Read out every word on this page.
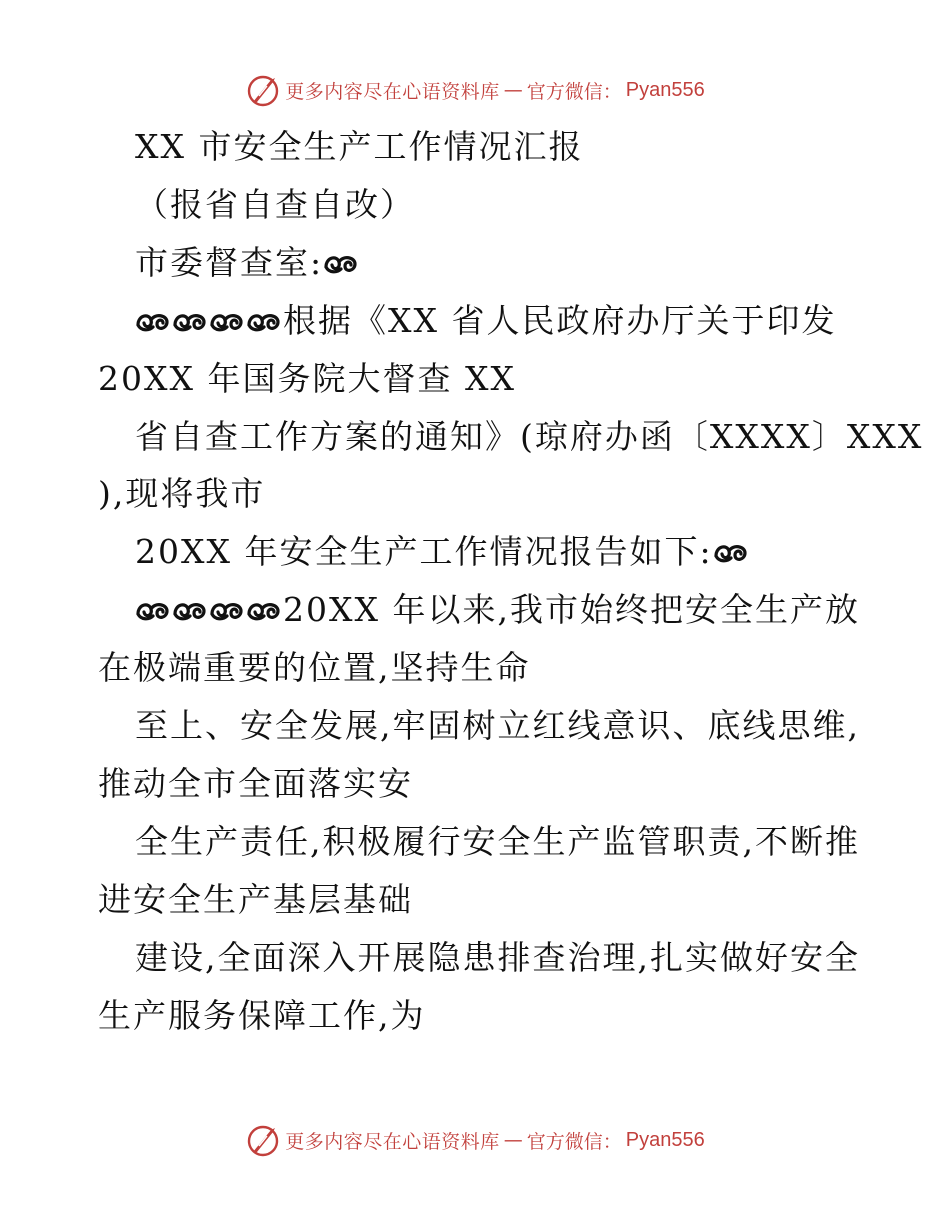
更多内容尽在心语资料库 — 官方微信： Pyan556
XX 市安全生产工作情况汇报
（报省自查自改）
市委督查室:
根据《XX 省人民政府办厅关于印发
20XX 年国务院大督查 XX
省自查工作方案的通知》(琼府办函〔XXXX〕XXX
),现将我市
20XX 年安全生产工作情况报告如下:
20XX 年以来,我市始终把安全生产放
在极端重要的位置,坚持生命
至上、安全发展,牢固树立红线意识、底线思维,
推动全市全面落实安
全生产责任,积极履行安全生产监管职责,不断推
进安全生产基层基础
建设,全面深入开展隐患排查治理,扎实做好安全
生产服务保障工作,为
更多内容尽在心语资料库 — 官方微信： Pyan556
